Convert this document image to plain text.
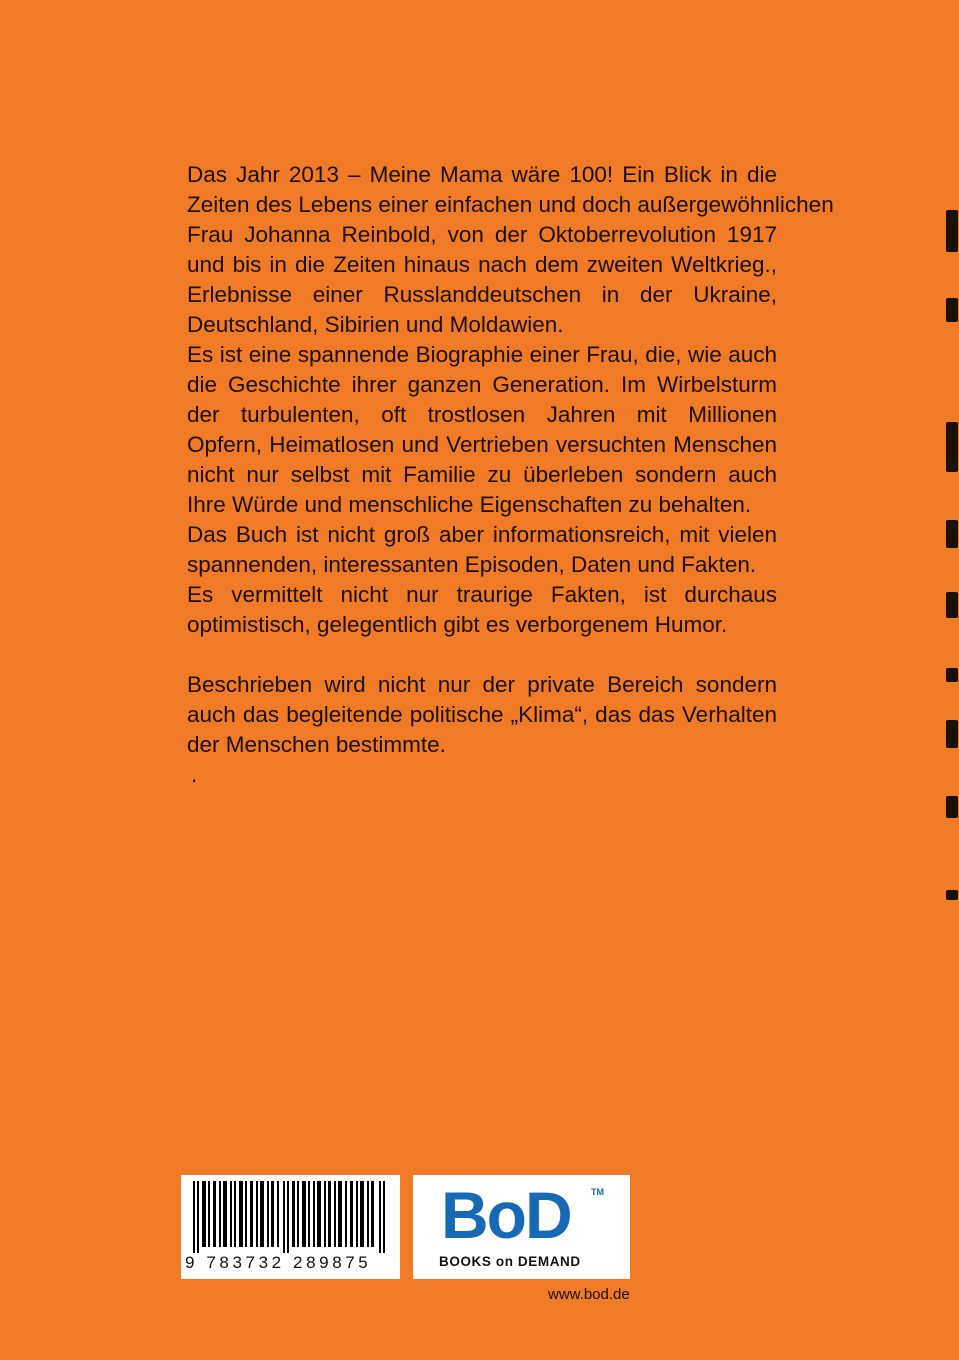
Das Jahr 2013 – Meine Mama wäre 100! Ein Blick in die
Zeiten des Lebens einer einfachen und doch außergewöhnlichen
Frau Johanna Reinbold, von der Oktoberrevolution 1917
und bis in die Zeiten hinaus nach dem zweiten Weltkrieg.,
Erlebnisse einer Russlanddeutschen in der Ukraine,
Deutschland, Sibirien und Moldawien.
Es ist eine spannende Biographie einer Frau, die, wie auch
die Geschichte ihrer ganzen Generation. Im Wirbelsturm
der turbulenten, oft trostlosen Jahren mit Millionen
Opfern, Heimatlosen und Vertrieben versuchten Menschen
nicht nur selbst mit Familie zu überleben sondern auch
Ihre Würde und menschliche Eigenschaften zu behalten.
Das Buch ist nicht groß aber informationsreich, mit vielen
spannenden, interessanten Episoden, Daten und Fakten.
Es vermittelt nicht nur traurige Fakten, ist durchaus
optimistisch, gelegentlich gibt es verborgenem Humor.
Beschrieben wird nicht nur der private Bereich sondern
auch das begleitende politische „Klima“, das das Verhalten
der Menschen bestimmte.
.
9 783732 289875
BoD TM
BOOKS on DEMAND
www.bod.de
